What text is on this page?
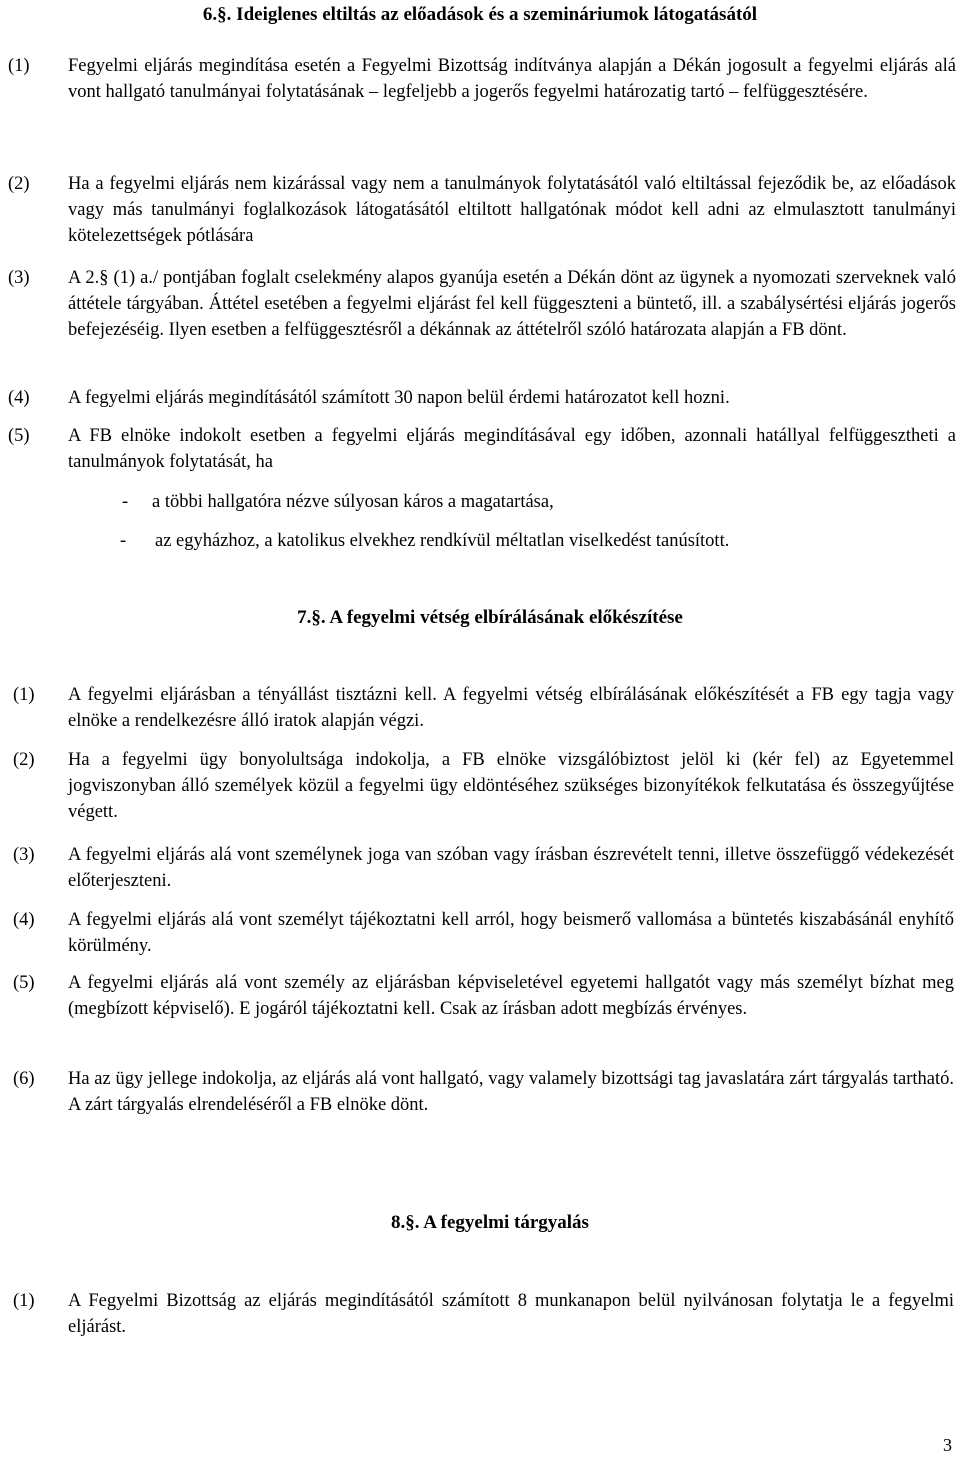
6.§. Ideiglenes eltiltás az előadások és a szemináriumok látogatásától
(1) Fegyelmi eljárás megindítása esetén a Fegyelmi Bizottság indítványa alapján a Dékán jogosult a fegyelmi eljárás alá vont hallgató tanulmányai folytatásának – legfeljebb a jogerős fegyelmi határozatig tartó – felfüggesztésére.
(2) Ha a fegyelmi eljárás nem kizárással vagy nem a tanulmányok folytatásától való eltiltással fejeződik be, az előadások vagy más tanulmányi foglalkozások látogatásától eltiltott hallgatónak módot kell adni az elmulasztott tanulmányi kötelezettségek pótlására
(3) A 2.§ (1) a./ pontjában foglalt cselekmény alapos gyanúja esetén a Dékán dönt az ügynek a nyomozati szerveknek való áttétele tárgyában. Áttétel esetében a fegyelmi eljárást fel kell függeszteni a büntető, ill. a szabálysértési eljárás jogerős befejezéséig. Ilyen esetben a felfüggesztésről a dékánnak az áttételről szóló határozata alapján a FB dönt.
(4) A fegyelmi eljárás megindításától számított 30 napon belül érdemi határozatot kell hozni.
(5) A FB elnöke indokolt esetben a fegyelmi eljárás megindításával egy időben, azonnali hatállyal felfüggesztheti a tanulmányok folytatását, ha
- a többi hallgatóra nézve súlyosan káros a magatartása,
- az egyházhoz, a katolikus elvekhez rendkívül méltatlan viselkedést tanúsított.
7.§. A fegyelmi vétség elbírálásának előkészítése
(1) A fegyelmi eljárásban a tényállást tisztázni kell. A fegyelmi vétség elbírálásának előkészítését a FB egy tagja vagy elnöke a rendelkezésre álló iratok alapján végzi.
(2) Ha a fegyelmi ügy bonyolultsága indokolja, a FB elnöke vizsgálóbiztost jelöl ki (kér fel) az Egyetemmel jogviszonyban álló személyek közül a fegyelmi ügy eldöntéséhez szükséges bizonyítékok felkutatása és összegyűjtése végett.
(3) A fegyelmi eljárás alá vont személynek joga van szóban vagy írásban észrevételt tenni, illetve összefüggő védekezését előterjeszteni.
(4) A fegyelmi eljárás alá vont személyt tájékoztatni kell arról, hogy beismerő vallomása a büntetés kiszabásánál enyhítő körülmény.
(5) A fegyelmi eljárás alá vont személy az eljárásban képviseletével egyetemi hallgatót vagy más személyt bízhat meg (megbízott képviselő). E jogáról tájékoztatni kell. Csak az írásban adott megbízás érvényes.
(6) Ha az ügy jellege indokolja, az eljárás alá vont hallgató, vagy valamely bizottsági tag javaslatára zárt tárgyalás tartható. A zárt tárgyalás elrendeléséről a FB elnöke dönt.
8.§. A fegyelmi tárgyalás
(1) A Fegyelmi Bizottság az eljárás megindításától számított 8 munkanapon belül nyilvánosan folytatja le a fegyelmi eljárást.
3
